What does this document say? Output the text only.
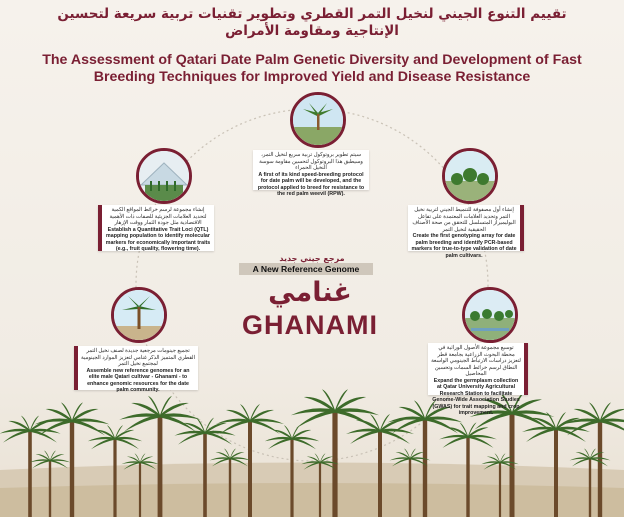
تقييم التنوع الجيني لنخيل التمر القطري وتطوير تقنيات تربية سريعة لتحسين
الإنتاجية ومقاومة الأمراض
The Assessment of Qatari Date Palm Genetic Diversity and Development of Fast
Breeding Techniques for Improved Yield and Disease Resistance
سيتم تطوير بروتوكول تربية سريع لنخيل التمر، وسيطبق هذا البروتوكول لتحسين مقاومة سوسة النخيل الحمراء
A first of its kind speed-breeding protocol for date palm will be developed, and the protocol applied to breed for resistance to the red palm weevil (RPW).
إنشاء مجموعة لرسم خرائط المواقع الكمية لتحديد العلامات الجزيئية للصفات ذات الأهمية الاقتصادية مثل جودة الثمار ووقت الإزهار
Establish a Quantitative Trait Loci (QTL) mapping population to identify molecular markers for economically important traits (e.g., fruit quality, flowering time).
إنشاء أول مصفوفة للتنميط الجيني لتربية نخيل التمر وتحديد العلامات المعتمدة على تفاعل البوليميراز المتسلسل للتحقق من صحة الأصناف الحقيقية لنخيل التمر
Create the first genotyping array for date palm breeding and identify PCR-based markers for true-to-type validation of date palm cultivars.
تجميع جينومات مرجعية جديدة لصنف نخيل التمر القطري المتميز الذكر غنامي لتعزيز الموارد الجينومية لمجتمع نخيل التمر
Assemble new reference genomes for an elite male Qatari cultivar - Ghanami - to enhance genomic resources for the date palm community.
توسيع مجموعة الأصول الوراثية في محطة البحوث الزراعية بجامعة قطر لتعزيز دراسات الارتباط الجينومي الواسعة النطاق لرسم خرائط السمات وتحسين المحاصيل
Expand the germplasm collection at Qatar University Agricultural Research Station to facilitate Genome-Wide Association Studies (GWAS) for trait mapping and crop improvement.
مرجع جيني جديد
A New Reference Genome
غنامي
GHANAMI
